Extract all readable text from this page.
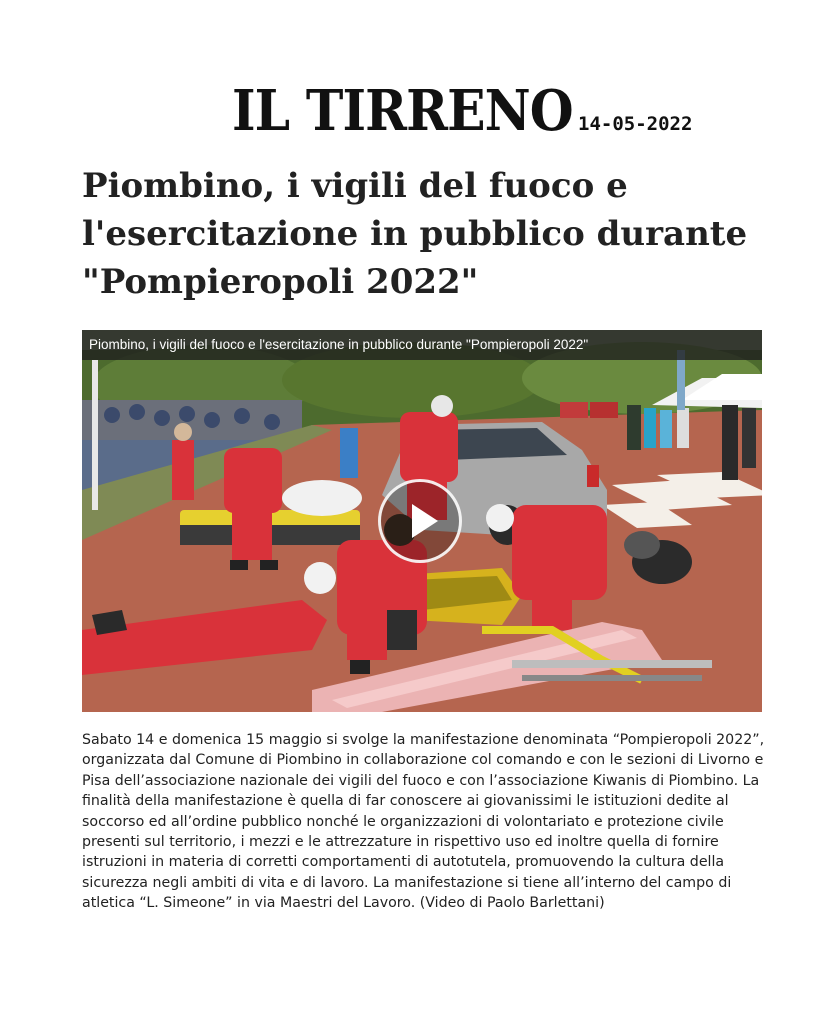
IL TIRRENO 14-05-2022
Piombino, i vigili del fuoco e l'esercitazione in pubblico durante "Pompieropoli 2022"
Piombino, i vigili del fuoco e l'esercitazione in pubblico durante "Pompieropoli 2022"

Sabato 14 e domenica 15 maggio si svolge la manifestazione denominata “Pompieropoli 2022”, organizzata dal Comune di Piombino in collaborazione col comando e con le sezioni di Livorno e Pisa dell’associazione nazionale dei vigili del fuoco e con l’associazione Kiwanis di Piombino. La finalità della manifestazione è quella di far conoscere ai giovanissimi le istituzioni dedite al soccorso ed all’ordine pubblico nonché le organizzazioni di volontariato e protezione civile presenti sul territorio, i mezzi e le attrezzature in rispettivo uso ed inoltre quella di fornire istruzioni in materia di corretti comportamenti di autotutela, promuovendo la cultura della sicurezza negli ambiti di vita e di lavoro. La manifestazione si tiene all’interno del campo di atletica “L. Simeone” in via Maestri del Lavoro. (Video di Paolo Barlettani)
